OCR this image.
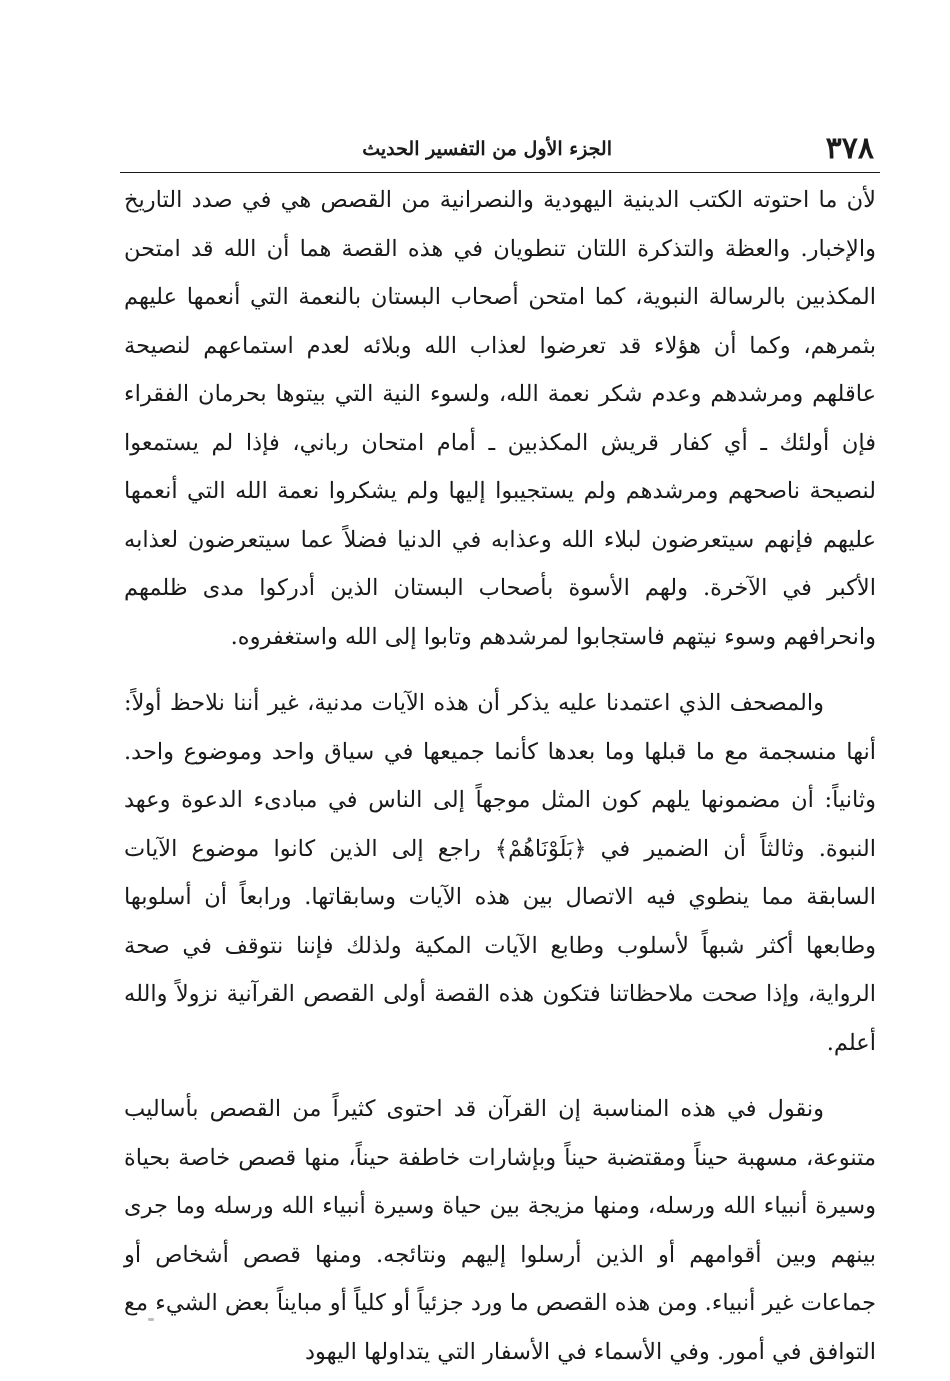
٣٧٨
الجزء الأول من التفسير الحديث

لأن ما احتوته الكتب الدينية اليهودية والنصرانية من القصص هي في صدد التاريخ والإخبار. والعظة والتذكرة اللتان تنطويان في هذه القصة هما أن الله قد امتحن المكذبين بالرسالة النبوية، كما امتحن أصحاب البستان بالنعمة التي أنعمها عليهم بثمرهم، وكما أن هؤلاء قد تعرضوا لعذاب الله وبلائه لعدم استماعهم لنصيحة عاقلهم ومرشدهم وعدم شكر نعمة الله، ولسوء النية التي بيتوها بحرمان الفقراء فإن أولئك ـ أي كفار قريش المكذبين ـ أمام امتحان رباني، فإذا لم يستمعوا لنصيحة ناصحهم ومرشدهم ولم يستجيبوا إليها ولم يشكروا نعمة الله التي أنعمها عليهم فإنهم سيتعرضون لبلاء الله وعذابه في الدنيا فضلاً عما سيتعرضون لعذابه الأكبر في الآخرة. ولهم الأسوة بأصحاب البستان الذين أدركوا مدى ظلمهم وانحرافهم وسوء نيتهم فاستجابوا لمرشدهم وتابوا إلى الله واستغفروه.

والمصحف الذي اعتمدنا عليه يذكر أن هذه الآيات مدنية، غير أننا نلاحظ أولاً: أنها منسجمة مع ما قبلها وما بعدها كأنما جميعها في سياق واحد وموضوع واحد. وثانياً: أن مضمونها يلهم كون المثل موجهاً إلى الناس في مبادىء الدعوة وعهد النبوة. وثالثاً أن الضمير في ﴿بَلَوْنَاهُمْ﴾ راجع إلى الذين كانوا موضوع الآيات السابقة مما ينطوي فيه الاتصال بين هذه الآيات وسابقاتها. ورابعاً أن أسلوبها وطابعها أكثر شبهاً لأسلوب وطابع الآيات المكية ولذلك فإننا نتوقف في صحة الرواية، وإذا صحت ملاحظاتنا فتكون هذه القصة أولى القصص القرآنية نزولاً والله أعلم.

ونقول في هذه المناسبة إن القرآن قد احتوى كثيراً من القصص بأساليب متنوعة، مسهبة حيناً ومقتضبة حيناً وبإشارات خاطفة حيناً، منها قصص خاصة بحياة وسيرة أنبياء الله ورسله، ومنها مزيجة بين حياة وسيرة أنبياء الله ورسله وما جرى بينهم وبين أقوامهم أو الذين أرسلوا إليهم ونتائجه. ومنها قصص أشخاص أو جماعات غير أنبياء. ومن هذه القصص ما ورد جزئياً أو كلياً أو مبايناً بعض الشيء مع التوافق في أمور. وفي الأسماء في الأسفار التي يتداولها اليهود
